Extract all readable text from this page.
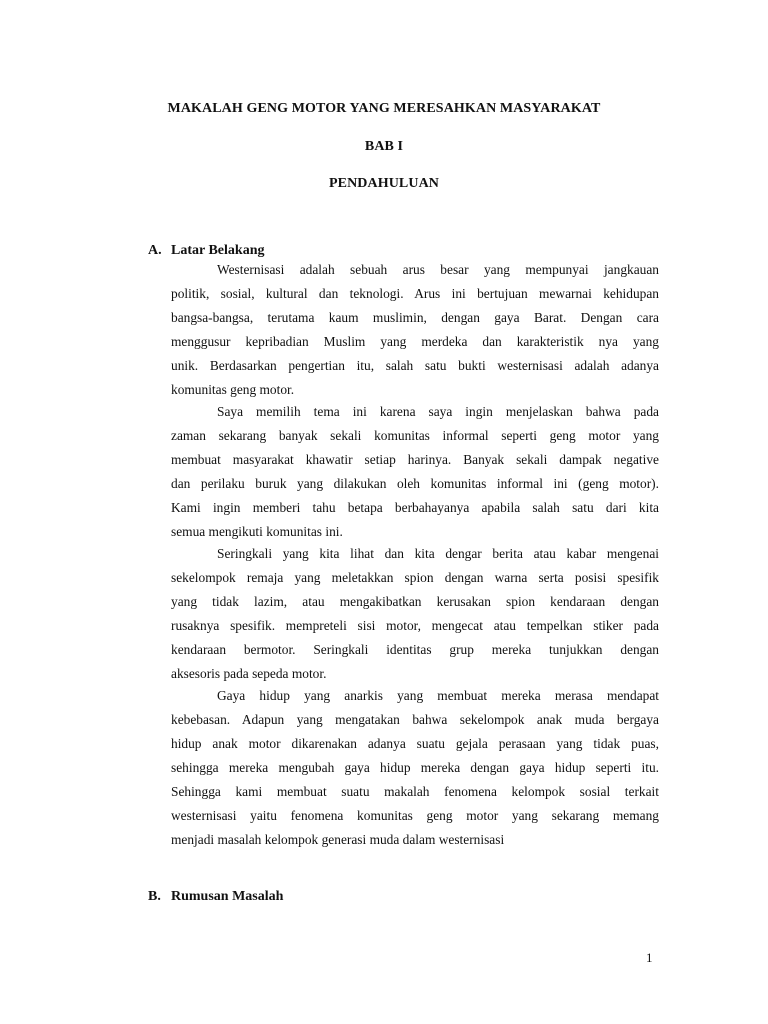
MAKALAH GENG MOTOR YANG MERESAHKAN MASYARAKAT
BAB I
PENDAHULUAN
A. Latar Belakang
Westernisasi adalah sebuah arus besar yang mempunyai jangkauan
politik, sosial, kultural dan teknologi. Arus ini bertujuan mewarnai kehidupan
bangsa-bangsa, terutama kaum muslimin, dengan gaya Barat. Dengan cara
menggusur kepribadian Muslim yang merdeka dan karakteristik nya yang
unik. Berdasarkan pengertian itu, salah satu bukti westernisasi adalah adanya
komunitas geng motor.
Saya memilih tema ini karena saya ingin menjelaskan bahwa pada
zaman sekarang banyak sekali komunitas informal seperti geng motor yang
membuat masyarakat khawatir setiap harinya. Banyak sekali dampak negative
dan perilaku buruk yang dilakukan oleh komunitas informal ini (geng motor).
Kami ingin memberi tahu betapa berbahayanya apabila salah satu dari kita
semua mengikuti komunitas ini.
Seringkali yang kita lihat dan kita dengar berita atau kabar mengenai
sekelompok remaja yang meletakkan spion dengan warna serta posisi spesifik
yang tidak lazim, atau mengakibatkan kerusakan spion kendaraan dengan
rusaknya spesifik. mempreteli sisi motor, mengecat atau tempelkan stiker pada
kendaraan bermotor. Seringkali identitas grup mereka tunjukkan dengan
aksesoris pada sepeda motor.
Gaya hidup yang anarkis yang membuat mereka merasa mendapat
kebebasan. Adapun yang mengatakan bahwa sekelompok anak muda bergaya
hidup anak motor dikarenakan adanya suatu gejala perasaan yang tidak puas,
sehingga mereka mengubah gaya hidup mereka dengan gaya hidup seperti itu.
Sehingga kami membuat suatu makalah fenomena kelompok sosial terkait
westernisasi yaitu fenomena komunitas geng motor yang sekarang memang
menjadi masalah kelompok generasi muda dalam westernisasi
B. Rumusan Masalah
1
